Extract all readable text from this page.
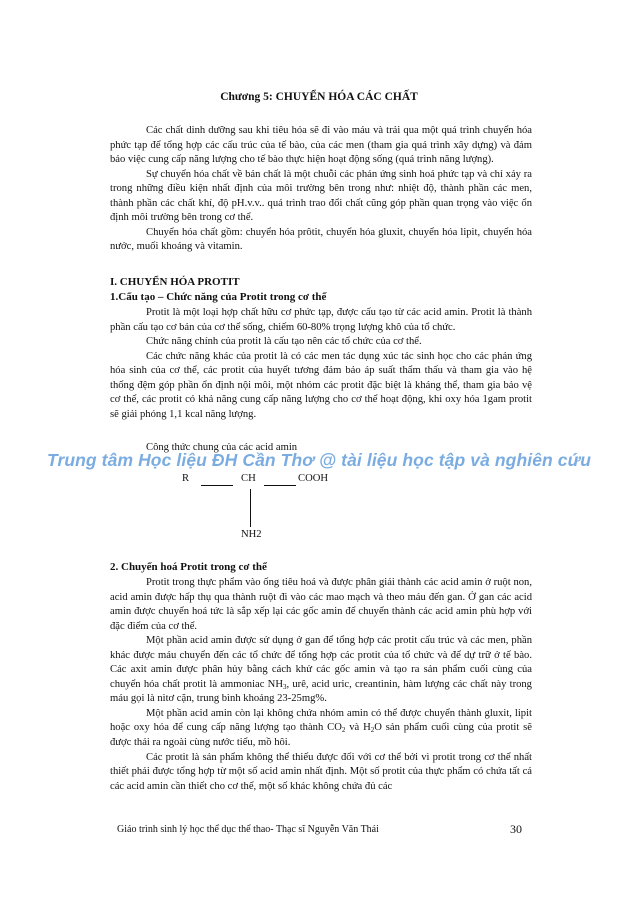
Chương 5: CHUYỂN HÓA CÁC CHẤT

Các chất dinh dưỡng sau khi tiêu hóa sẽ đi vào máu và trải qua một quá trình chuyển hóa phức tạp để tổng hợp các cấu trúc của tế bào, của các men (tham gia quá trình xây dựng) và đảm bảo việc cung cấp năng lượng cho tế bào thực hiện hoạt động sống (quá trình năng lượng).

Sự chuyển hóa chất về bản chất là một chuỗi các phản ứng sinh hoá phức tạp và chỉ xảy ra trong những điều kiện nhất định của môi trường bên trong như: nhiệt độ, thành phần các men, thành phần các chất khí, độ pH.v.v.. quá trình trao đổi chất cũng góp phần quan trọng vào việc ổn định môi trường bên trong cơ thể.

Chuyển hóa chất gồm: chuyển hóa prôtit, chuyển hóa gluxit, chuyển hóa lipit, chuyển hóa nước, muối khoáng và vitamin.

I. CHUYỂN HÓA PROTIT
1.Cấu tạo – Chức năng của Protit trong cơ thể

Protit là một loại hợp chất hữu cơ phức tạp, được cấu tạo từ các acid amin. Protit là thành phần cấu tạo cơ bản của cơ thể sống, chiếm 60-80% trọng lượng khô của tổ chức.

Chức năng chính của protit là cấu tạo nên các tổ chức của cơ thể.

Các chức năng khác của protit là có các men tác dụng xúc tác sinh học cho các phản ứng hóa sinh của cơ thể, các protit của huyết tương đảm bảo áp suất thẩm thấu và tham gia vào hệ thống đệm góp phần ổn định nội môi, một nhóm các protit đặc biệt là kháng thể, tham gia bảo vệ cơ thể, các protit có khả năng cung cấp năng lượng cho cơ thể hoạt động, khi oxy hóa 1gam protit sẽ giải phóng 1,1 kcal năng lượng.

Công thức chung của các acid amin

Trung tâm Học liệu ĐH Cần Thơ @ tài liệu học tập và nghiên cứu
R	CH	COOH
NH2
2. Chuyển hoá Protit trong cơ thể

Protit trong thực phẩm vào ống tiêu hoá và được phân giải thành các acid amin ở ruột non, acid amin được hấp thụ qua thành ruột đi vào các mao mạch và theo máu đến gan. Ở gan các acid amin được chuyển hoá tức là sắp xếp lại các gốc amin để chuyển thành các acid amin phù hợp với đặc điểm của cơ thể.

Một phần acid amin được sử dụng ở gan để tổng hợp các protit cấu trúc và các men, phần khác được máu chuyển đến các tổ chức để tổng hợp các protit của tổ chức và để dự trữ ở tế bào. Các axit amin được phân hủy bằng cách khử các gốc amin và tạo ra sản phẩm cuối cùng của chuyển hóa chất protit là ammoniac $NH_3$, urê, acid uric, creantinin, hàm lượng các chất này trong máu gọi là nitơ cặn, trung bình khoảng 23-25mg%.

Một phần acid amin còn lại không chứa nhóm amin có thể được chuyển thành gluxit, lipit hoặc oxy hóa để cung cấp năng lượng tạo thành $CO_2$ và $H_2O$ sản phẩm cuối cùng của protit sẽ được thải ra ngoài cùng nước tiểu, mồ hôi.

Các protit là sản phẩm không thể thiếu được đối với cơ thể bởi vì protit trong cơ thể nhất thiết phải được tổng hợp từ một số acid amin nhất định. Một số protit của thực phẩm có chứa tất cả các acid amin cần thiết cho cơ thể, một số khác không chứa đủ các

Giáo trình sinh lý học thể dục thể thao- Thạc sĩ Nguyễn Văn Thái	30
